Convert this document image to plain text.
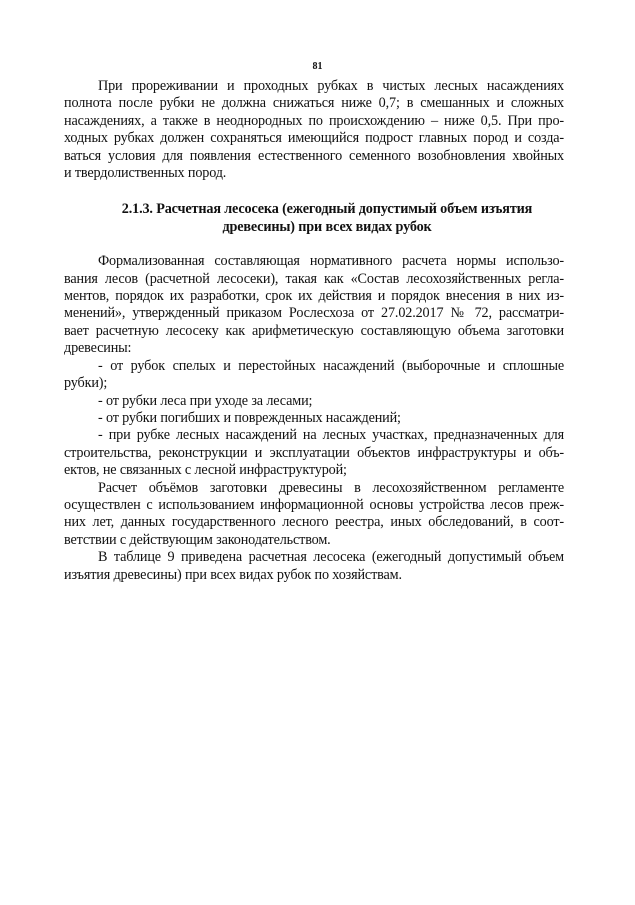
81
При прореживании и проходных рубках в чистых лесных насаждениях
полнота после рубки не должна снижаться ниже 0,7; в смешанных и сложных
насаждениях, а также в неоднородных по происхождению – ниже 0,5. При про-
ходных рубках должен сохраняться имеющийся подрост главных пород и созда-
ваться условия для появления естественного семенного возобновления хвойных
и твердолиственных пород.
2.1.3. Расчетная лесосека (ежегодный допустимый объем изъятия
древесины) при всех видах рубок
Формализованная составляющая нормативного расчета нормы использо-
вания лесов (расчетной лесосеки), такая как «Состав лесохозяйственных регла-
ментов, порядок их разработки, срок их действия и порядок внесения в них из-
менений», утвержденный приказом Рослесхоза от 27.02.2017 № 72, рассматри-
вает расчетную лесосеку как арифметическую составляющую объема заготовки
древесины:
- от рубок спелых и перестойных насаждений (выборочные и сплошные
рубки);
- от рубки леса при уходе за лесами;
- от рубки погибших и поврежденных насаждений;
- при рубке лесных насаждений на лесных участках, предназначенных для
строительства, реконструкции и эксплуатации объектов инфраструктуры и объ-
ектов, не связанных с лесной инфраструктурой;
Расчет объёмов заготовки древесины в лесохозяйственном регламенте
осуществлен с использованием информационной основы устройства лесов преж-
них лет, данных государственного лесного реестра, иных обследований, в соот-
ветствии с действующим законодательством.
В таблице 9 приведена расчетная лесосека (ежегодный допустимый объем
изъятия древесины) при всех видах рубок по хозяйствам.
